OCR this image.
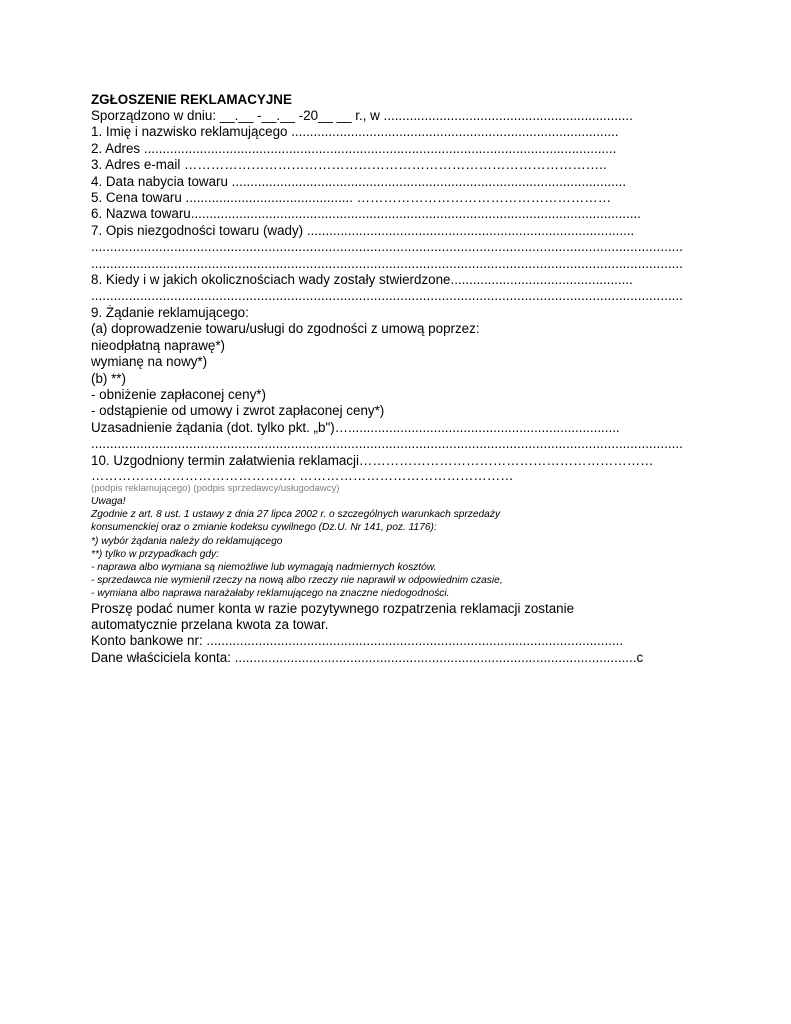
ZGŁOSZENIE REKLAMACYJNE
Sporządzono w dniu: __.__ -__.__ -20__ __ r., w ...................................................................
1. Imię i nazwisko reklamującego ........................................................................................
2. Adres ...............................................................................................................................
3. Adres e-mail …………………………………………………………………………………..
4. Data nabycia towaru ..........................................................................................................
5. Cena towaru ............................................. …………………………………………………
6. Nazwa towaru.........................................................................................................................
7. Opis niezgodności towaru (wady) ........................................................................................
.............................................................................................................................................................
.............................................................................................................................................................
8. Kiedy i w jakich okolicznościach wady zostały stwierdzone.................................................
.............................................................................................................................................................
9. Żądanie reklamującego:
(a) doprowadzenie towaru/usługi do zgodności z umową poprzez:
nieodpłatną naprawę*)
wymianę na nowy*)
(b) **)
- obniżenie zapłaconej ceny*)
- odstąpienie od umowy i zwrot zapłaconej ceny*)
Uzasadnienie żądania (dot. tylko pkt. „b")….........................................................................
.............................................................................................................................................................
10. Uzgodniony termin załatwienia reklamacji…………………………………………………………
………………………………………. …………………………………………
(podpis reklamującego) (podpis sprzedawcy/usługodawcy)
Uwaga!
Zgodnie z art. 8 ust. 1 ustawy z dnia 27 lipca 2002 r. o szczególnych warunkach sprzedaży
konsumenckiej oraz o zmianie kodeksu cywilnego (Dz.U. Nr 141, poz. 1176):
*) wybór żądania należy do reklamującego
**) tylko w przypadkach gdy:
- naprawa albo wymiana są niemożliwe lub wymagają nadmiernych kosztów.
- sprzedawca nie wymienił rzeczy na nową albo rzeczy nie naprawił w odpowiednim czasie,
- wymiana albo naprawa narażałaby reklamującego na znaczne niedogodności.
Proszę podać numer konta w razie pozytywnego rozpatrzenia reklamacji zostanie
automatycznie przelana kwota za towar.
Konto bankowe nr: ................................................................................................................
Dane właściciela konta: ............................................................................................................c
